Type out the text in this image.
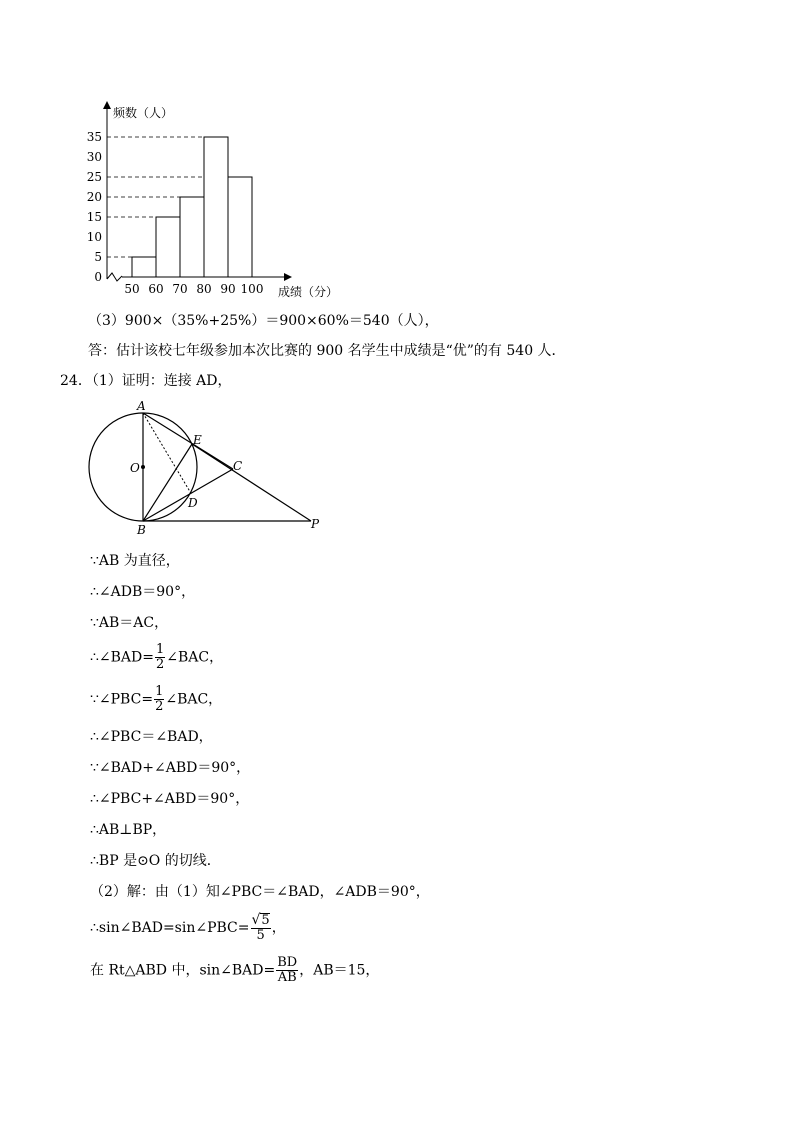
频数（人）
成绩（分）
0
5
10
15
20
25
30
35
50 60 70 80 90 100
（3）900×（35%+25%）＝900×60%＝540（人），
答：估计该校七年级参加本次比赛的 900 名学生中成绩是“优”的有 540 人．
24．（1）证明：连接 AD，
A
O
E
C
D
B	P
∵AB 为直径，
∴∠ADB＝90°，
∵AB＝AC，
∴∠BAD= $\frac{1}{2}$ ∠BAC，
∵∠PBC= $\frac{1}{2}$ ∠BAC，
∴∠PBC＝∠BAD，
∵∠BAD+∠ABD＝90°，
∴∠PBC+∠ABD＝90°，
∴AB⊥BP，
∴BP 是⊙O 的切线．
（2）解：由（1）知∠PBC＝∠BAD，∠ADB＝90°，
∴sin∠BAD=sin∠PBC= $\frac{√5}{5}$ ，
在 Rt△ABD 中，sin∠BAD= $\frac{BD}{AB}$ ，AB＝15，
